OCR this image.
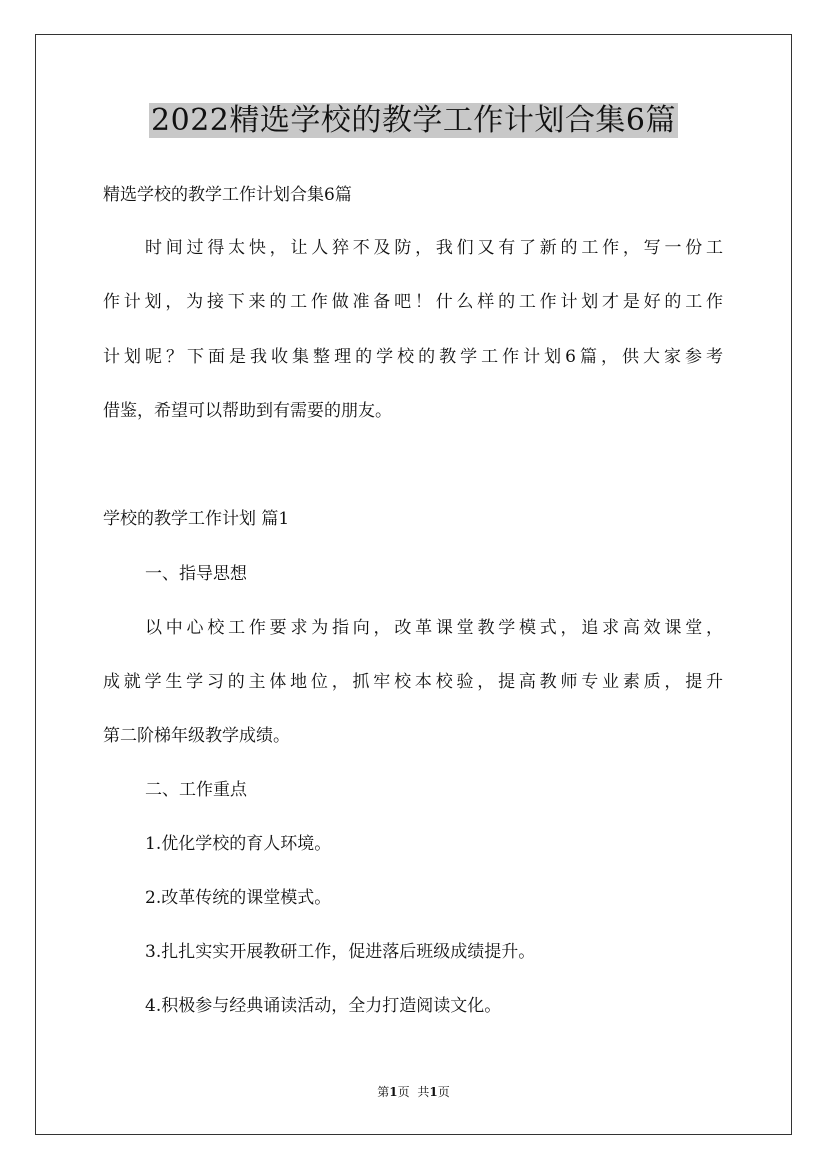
2022精选学校的教学工作计划合集6篇
精选学校的教学工作计划合集6篇
时间过得太快，让人猝不及防，我们又有了新的工作，写一份工
作计划，为接下来的工作做准备吧！什么样的工作计划才是好的工作
计划呢？下面是我收集整理的学校的教学工作计划6篇，供大家参考
借鉴，希望可以帮助到有需要的朋友。
学校的教学工作计划 篇1
一、指导思想
以中心校工作要求为指向，改革课堂教学模式，追求高效课堂，
成就学生学习的主体地位，抓牢校本校验，提高教师专业素质，提升
第二阶梯年级教学成绩。
二、工作重点
1.优化学校的育人环境。
2.改革传统的课堂模式。
3.扎扎实实开展教研工作，促进落后班级成绩提升。
4.积极参与经典诵读活动，全力打造阅读文化。
第1页 共1页
